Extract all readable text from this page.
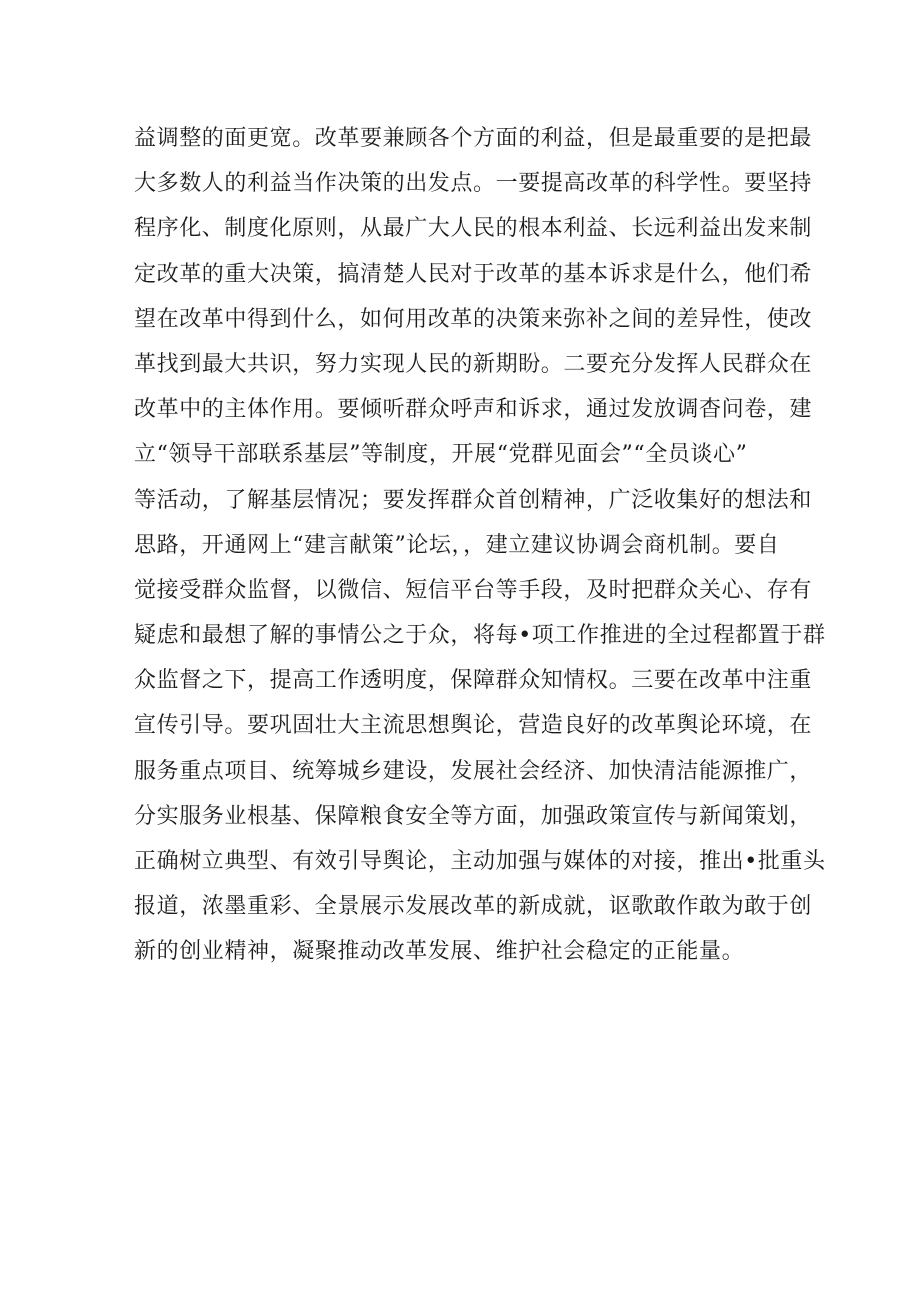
益调整的面更宽。改革要兼顾各个方面的利益，但是最重要的是把最
大多数人的利益当作决策的出发点。一要提高改革的科学性。要坚持
程序化、制度化原则，从最广大人民的根本利益、长远利益出发来制
定改革的重大决策，搞清楚人民对于改革的基本诉求是什么，他们希
望在改革中得到什么，如何用改革的决策来弥补之间的差异性，使改
革找到最大共识，努力实现人民的新期盼。二要充分发挥人民群众在
改革中的主体作用。要倾听群众呼声和诉求，通过发放调杳问卷，建
立“领导干部联系基层”等制度，开展“党群见面会”“全员谈心”
等活动，了解基层情况；要发挥群众首创精神，广泛收集好的想法和
思路，开通网上“建言献策”论坛，，建立建议协调会商机制。要自
觉接受群众监督，以微信、短信平台等手段，及时把群众关心、存有
疑虑和最想了解的事情公之于众，将每•项工作推进的全过程都置于群
众监督之下，提高工作透明度，保障群众知情权。三要在改革中注重
宣传引导。要巩固壮大主流思想舆论，营造良好的改革舆论环境，在
服务重点项目、统筹城乡建设，发展社会经济、加快清洁能源推广，
分实服务业根基、保障粮食安全等方面，加强政策宣传与新闻策划，
正确树立典型、有效引导舆论，主动加强与媒体的对接，推出•批重头
报道，浓墨重彩、全景展示发展改革的新成就，讴歌敢作敢为敢于创
新的创业精神，凝聚推动改革发展、维护社会稳定的正能量。
